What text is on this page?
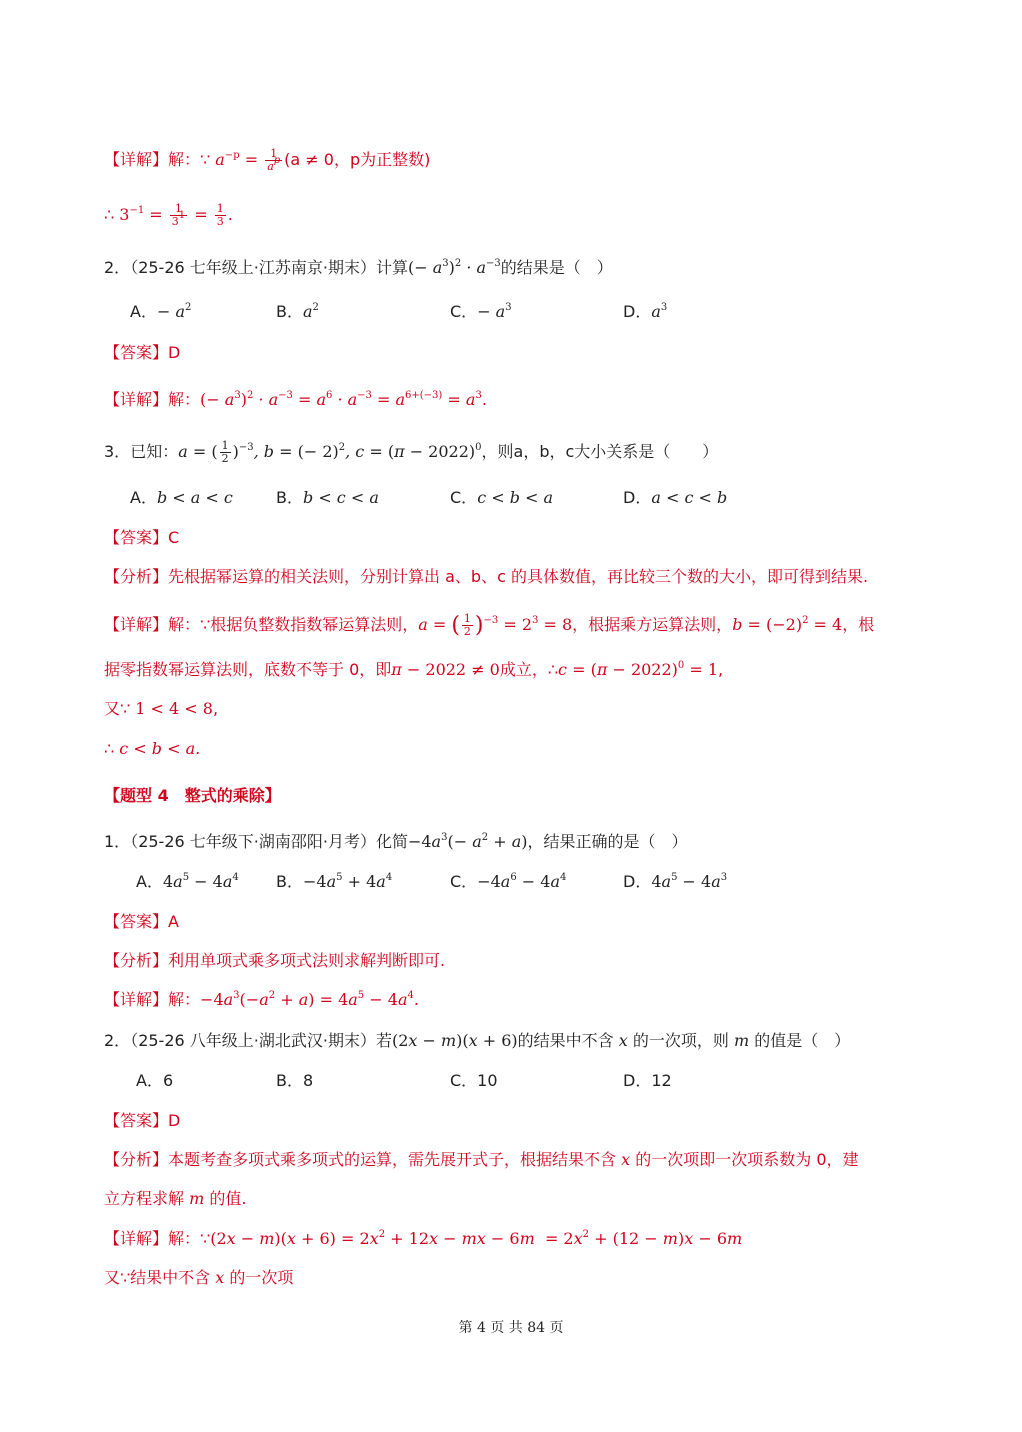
【详解】解：∵ $a^{-p} = \frac{1}{a^p} (a \ne 0$，p为正整数)
∴ $3^{-1} = \frac{1}{3^1} = \frac{1}{3}$ .
2．（25-26 七年级上·江苏南京·期末）计算(− $a^3)^2 \cdot a^{-3}$的结果是（　）
A．− $a^2$	B．$a^2$	C．− $a^3$	D．$a^3$
【答案】D
【详解】解：(− $a^3)^2 \cdot a^{-3} = a^6 \cdot a^{-3} = a^{6+(-3)} = a^3$.
3．已知：a = ( $\frac{1}{2} )^{-3}$, b = (− 2)$^2$, $c = (\pi - 2022)^0$，则a，b，c大小关系是（　　）
A．b < a < c	B．b < c < a	C．c < b < a	D．a < c < b
【答案】C
【分析】先根据幂运算的相关法则，分别计算出 a、b、c 的具体数值，再比较三个数的大小，即可得到结果.
【详解】解：∵根据负整数指数幂运算法则，a = ( $\frac{1}{2} )^{-3} = 2^3 = 8$，根据乘方运算法则，$b = (-2)^2 = 4$，根
据零指数幂运算法则，底数不等于 0，即π − 2022 ≠ 0成立，∴c = $(\pi - 2022)^0 = 1$,
又∵ 1 < 4 < 8,
∴ c < b < a.
【题型 4　整式的乘除】
1．（25-26 七年级下·湖南邵阳·月考）化简$-4a^3(- a^2 + a)$，结果正确的是（　）
A．$4a^5 - 4a^4$ B．$-4a^5 + 4a^4$	C．$-4a^6 - 4a^4$	D．$4a^5 - 4a^3$
【答案】A
【分析】利用单项式乘多项式法则求解判断即可.
【详解】解：$-4a^3(-a^2 + a) = 4a^5 - 4a^4$.
2．（25-26 八年级上·湖北武汉·期末）若(2x − m)(x + 6)的结果中不含 x 的一次项，则 m 的值是（　）
A．6	B．8	C．10	D．12
【答案】D
【分析】本题考查多项式乘多项式的运算，需先展开式子，根据结果不含 x 的一次项即一次项系数为 0，建
立方程求解 m 的值.
【详解】解：∵(2x − $m)(x + 6) = 2x^2 + 12x$ − mx − $6m = 2x^2 + (12 - m)x - 6m$
又∵结果中不含 x 的一次项
第 4 页 共 84 页
